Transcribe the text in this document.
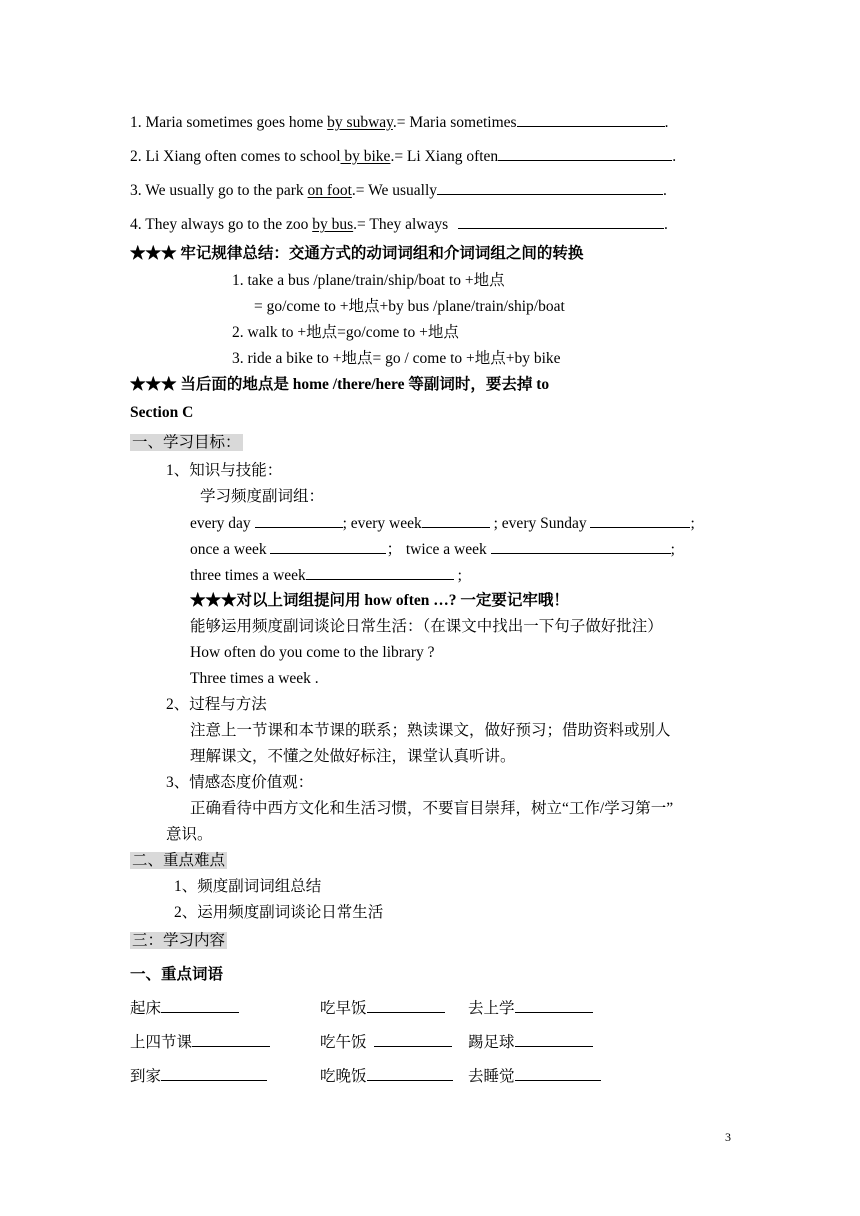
1. Maria sometimes goes home by subway.= Maria sometimes	.
2. Li Xiang often comes to school by bike.= Li Xiang often	.
3. We usually go to the park on foot.= We usually	.
4. They always go to the zoo by bus.= They always	.
★★★ 牢记规律总结：交通方式的动词词组和介词词组之间的转换
1. take a bus /plane/train/ship/boat to +地点
= go/come to +地点+by bus /plane/train/ship/boat
2. walk to +地点=go/come to +地点
3. ride a bike to +地点= go / come to +地点+by bike
★★★ 当后面的地点是 home /there/here 等副词时，要去掉 to
Section C
一、学习目标：
1、知识与技能：
学习频度副词组：
every day	; every week	; every Sunday	;
once a week	； twice a week	;
three times a week	;
★★★对以上词组提问用 how often …? 一定要记牢哦！
能够运用频度副词谈论日常生活：（在课文中找出一下句子做好批注）
How often do you come to the library ?
Three times a week .
2、过程与方法
注意上一节课和本节课的联系；熟读课文，做好预习；借助资料或别人
理解课文，不懂之处做好标注，课堂认真听讲。
3、情感态度价值观：
正确看待中西方文化和生活习惯，不要盲目崇拜，树立“工作/学习第一”
意识。
二、重点难点
1、频度副词词组总结
2、运用频度副词谈论日常生活
三：学习内容
一、重点词语
起床	吃早饭	去上学
上四节课	吃午饭	踢足球
到家	吃晚饭	去睡觉
3
